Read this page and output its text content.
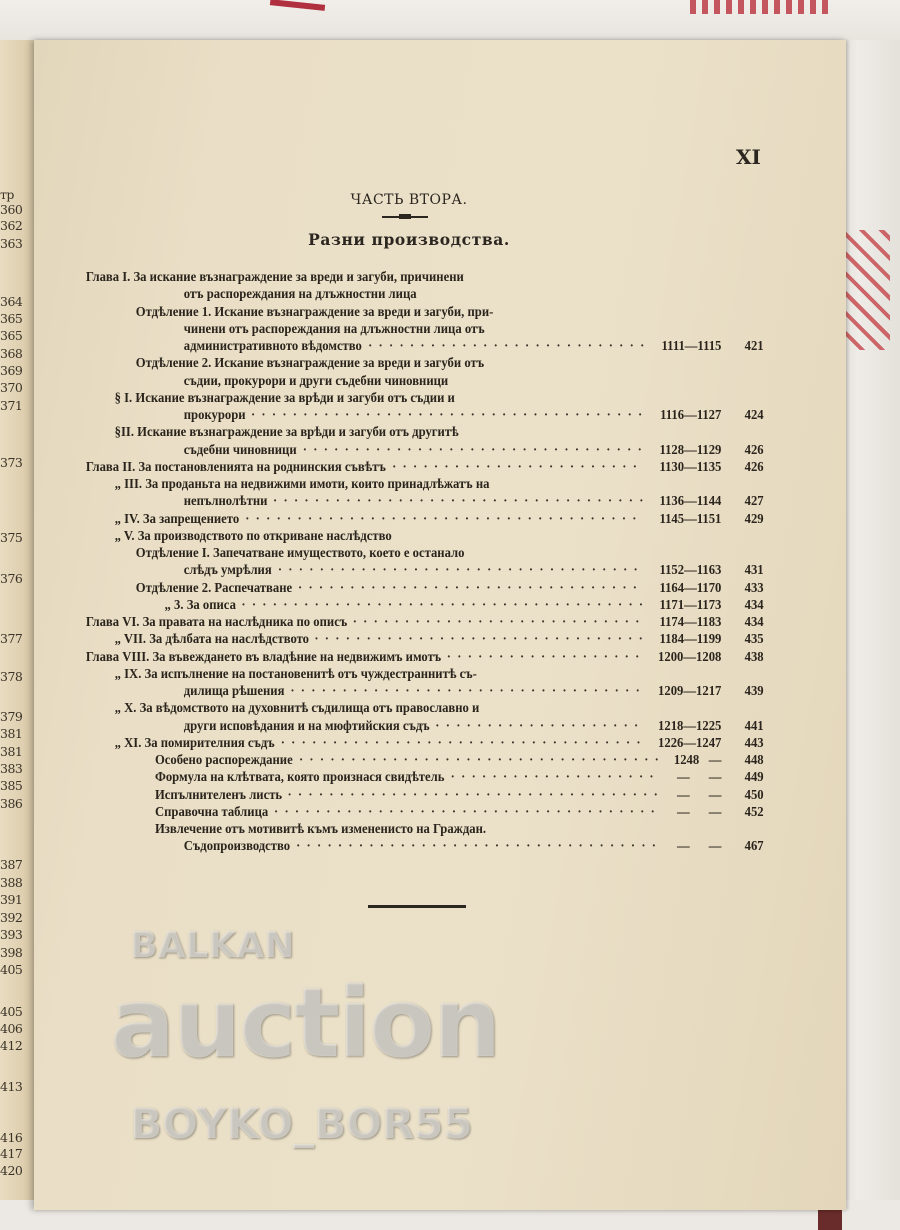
тр
360
362
363
364
365
365
368
369
370
371
373
375
376
377
378
379
381
381
383
385
386
387
388
391
392
393
398
405
405
406
412
413
416
417
420
XI
ЧАСТЬ ВТОРА.
Разни производства.
Глава I. За искание възнаграждение за вреди и загуби, причинени
отъ распореждания на длъжностни лица
Отдѣление 1. Искание възнаграждение за вреди и загуби, при-
чинени отъ распореждания на длъжностни лица отъ
административното вѣдомство	1111—1115	421
···························
Отдѣление 2. Искание възнаграждение за вреди и загуби отъ
съдии, прокурори и други съдебни чиновници
§ I. Искание възнаграждение за врѣди и загуби отъ съдии и
прокурори	1116—1127	424
······································
§II. Искание възнаграждение за врѣди и загуби отъ другитѣ
съдебни чиновници	1128—1129	426
·································
Глава II. За постановленията на роднинския съвѣтъ	1130—1135	426
························
„ III. За проданьта на недвижими имоти, които принадлѣжатъ на
непълнолѣтни	1136—1144	427
····································
„ IV. За запрещението	1145—1151	429
······································
„ V. За производството по откриване наслѣдство
Отдѣление I. Запечатване имуществото, което е останало
слѣдъ умрѣлия	1152—1163	431
···································
Отдѣление 2. Распечатване	1164—1170	433
·································
„ 3. За описа	1171—1173	434
·······································
Глава VI. За правата на наслѣдника по описъ	1174—1183	434
····························
„ VII. За дѣлбата на наслѣдството	1184—1199	435
································
Глава VIII. За въвеждането въ владѣние на недвижимъ имотъ	1200—1208	438
···················
„ IX. За испълнение на постановенитѣ отъ чуждестраннитѣ съ-
дилища рѣшения	1209—1217	439
··································
„ X. За вѣдомството на духовнитѣ съдилища отъ православно и
други исповѣдания и на мюфтийския съдъ	1218—1225	441
····················
„ XI. За помирителния съдъ	1226—1247	443
···································
Особено распореждание	1248   —	448
···································
Формула на клѣтвата, която произнася свидѣтель	—      —	449
····················
Испълнителенъ листь	—      —	450
····································
Справочна таблица	—      —	452
·····································
Извлечение отъ мотивитѣ къмъ измененисто на Граждан.
Съдопроизводство	—      —	467
···································
BALKAN
auction
BOYKO_BOR55
